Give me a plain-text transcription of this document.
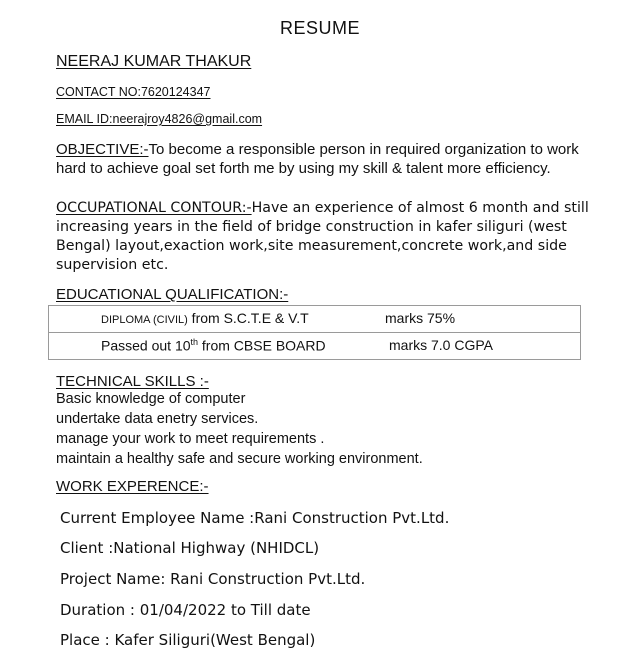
RESUME
NEERAJ KUMAR THAKUR
CONTACT NO:7620124347
EMAIL ID:neerajroy4826@gmail.com
OBJECTIVE:-To become a responsible person in required organization to work hard to achieve goal set forth me by using my skill & talent more efficiency.
OCCUPATIONAL CONTOUR:-Have an experience of almost 6 month and still increasing years in the field of bridge construction in kafer siliguri (west Bengal) layout,exaction work,site measurement,concrete work,and side supervision etc.
EDUCATIONAL QUALIFICATION:-
DIPLOMA (CIVIL) from S.C.T.E & V.T	marks 75%

Passed out 10th from CBSE BOARD	marks 7.0 CGPA
TECHNICAL SKILLS :-
Basic knowledge of computer
undertake data enetry services.
manage your work to meet requirements .
maintain a healthy safe and secure working environment.
WORK EXPERENCE:-
Current Employee Name :Rani Construction Pvt.Ltd.
Client :National Highway (NHIDCL)
Project Name: Rani Construction Pvt.Ltd.
Duration : 01/04/2022 to Till date
Place : Kafer Siliguri(West Bengal)
